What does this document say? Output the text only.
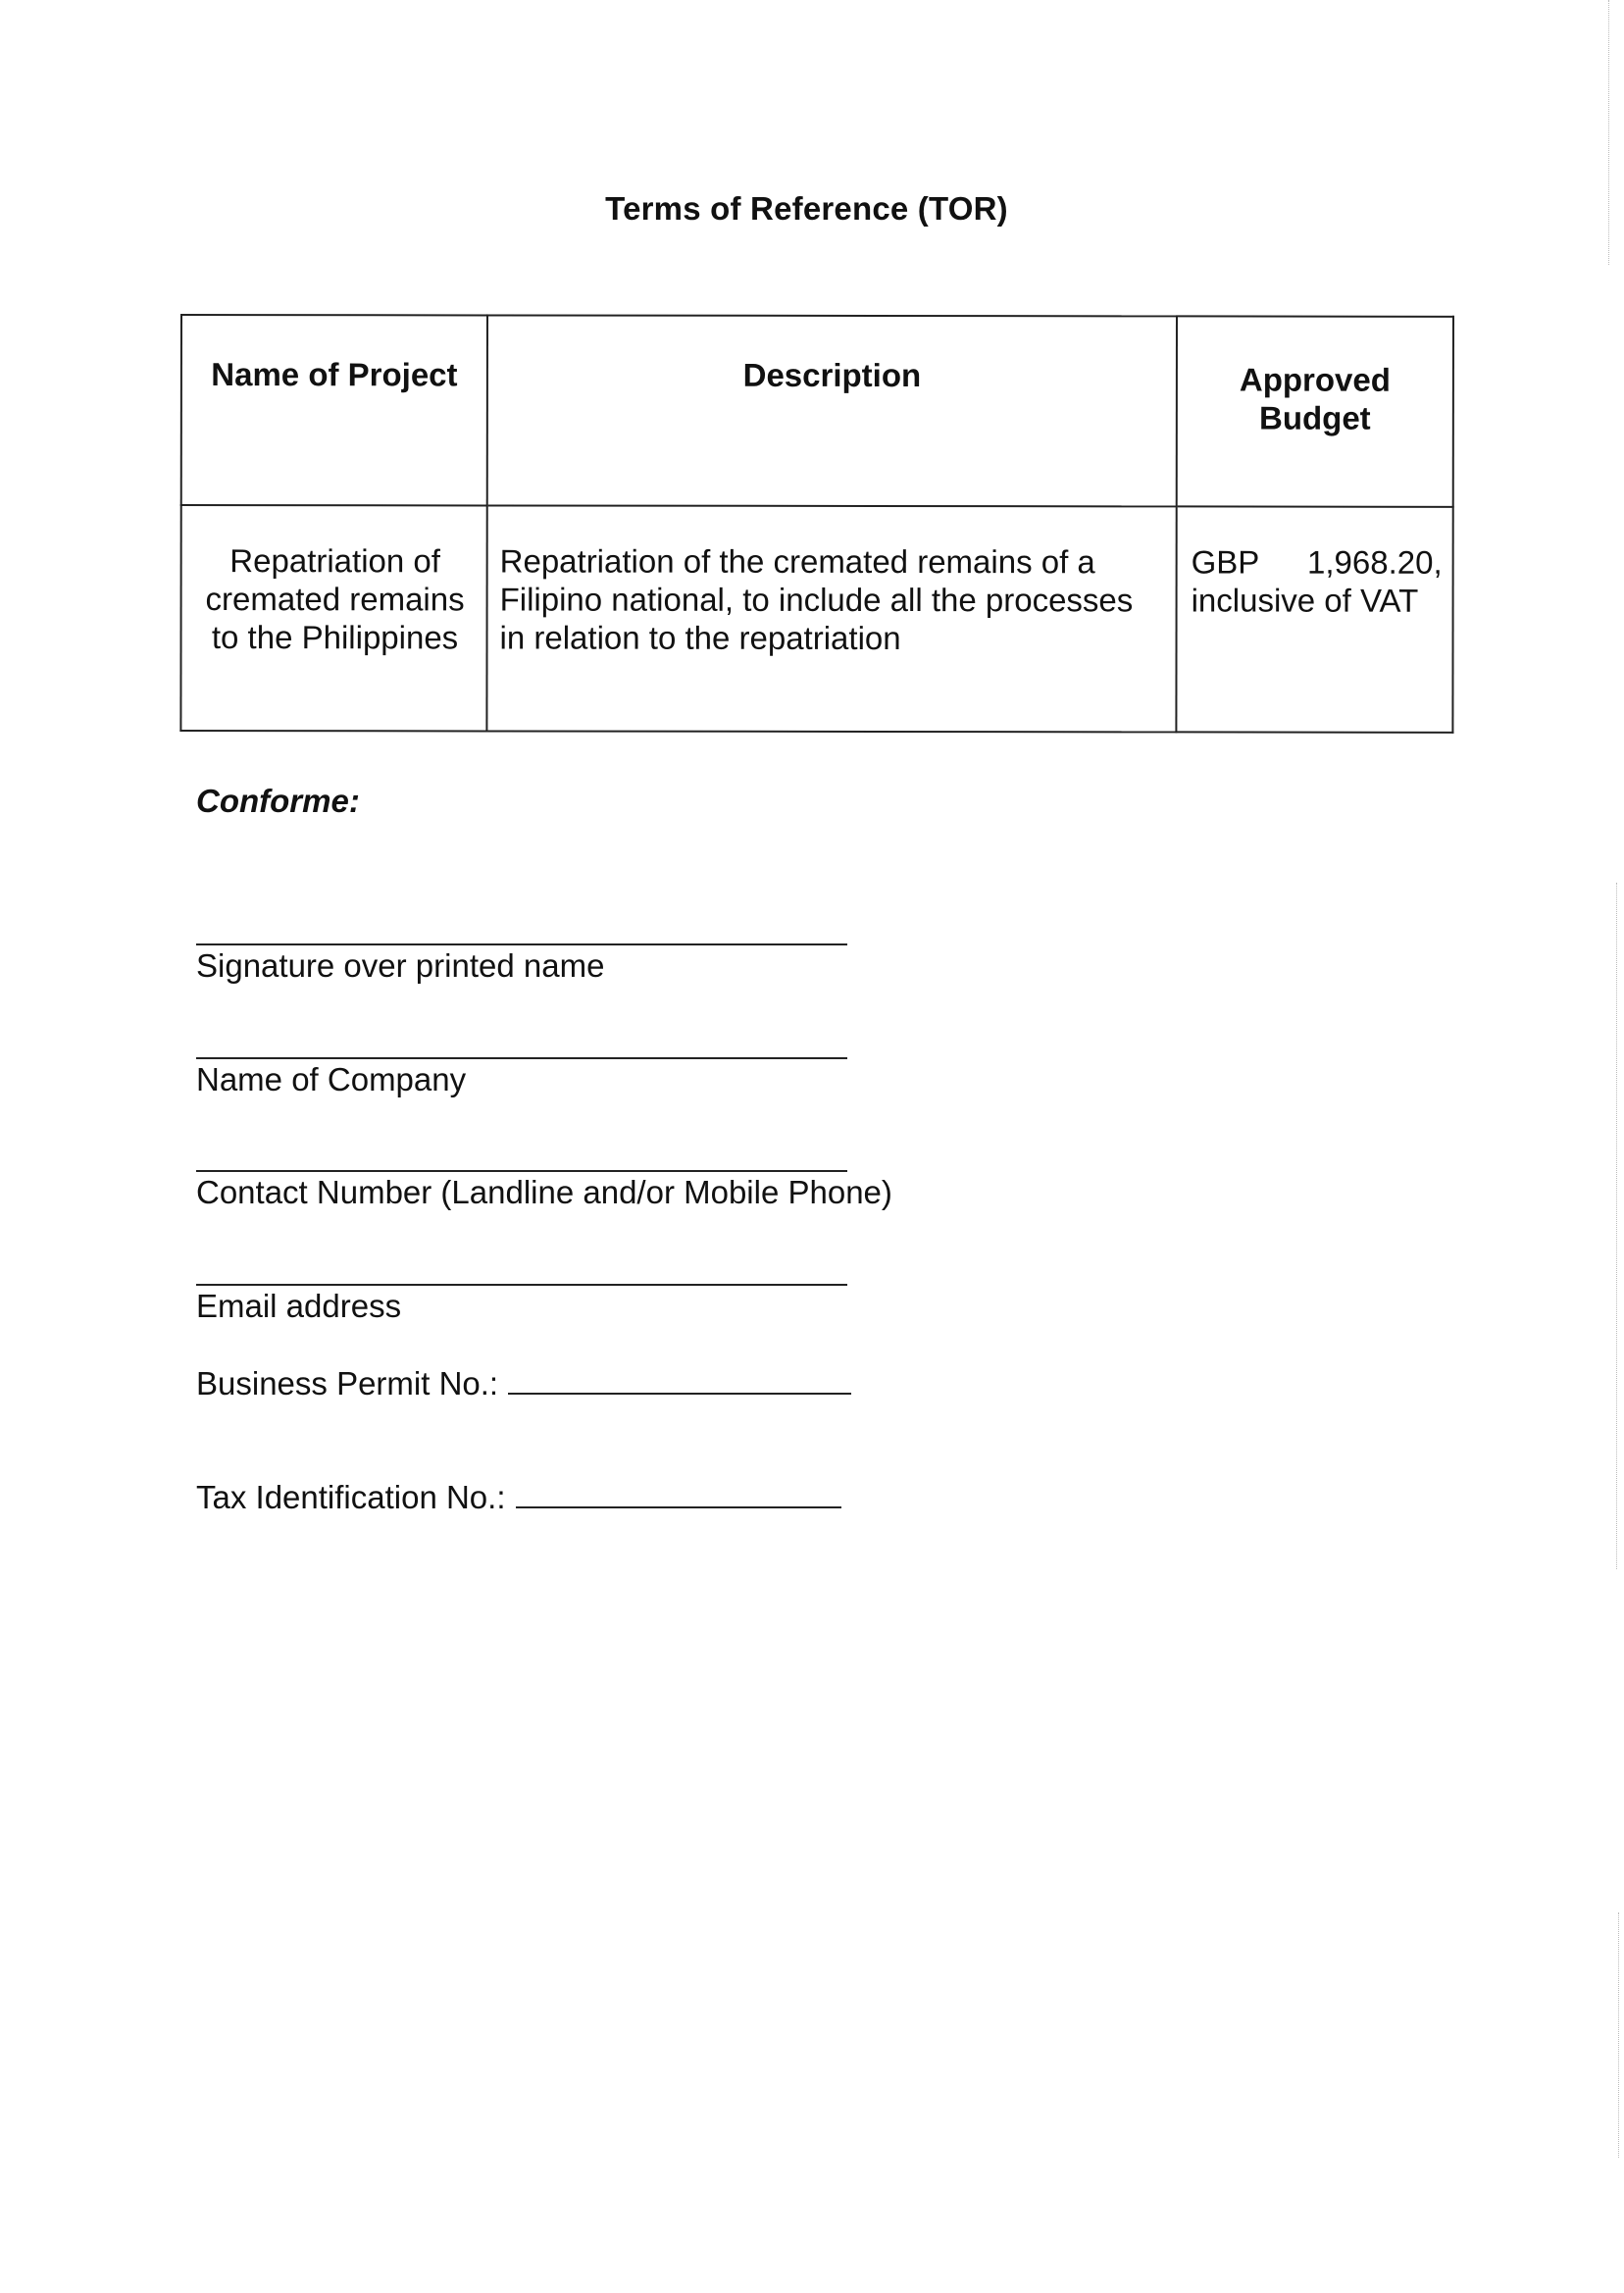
Terms of Reference (TOR)
Name of Project	Description	Approved
Budget

Repatriation of cremated remains to the Philippines	Repatriation of the cremated remains of a Filipino national, to include all the processes in relation to the repatriation	GBP 1,968.20,
inclusive of VAT
Conforme:
Signature over printed name
Name of Company
Contact Number (Landline and/or Mobile Phone)
Email address
Business Permit No.:
Tax Identification No.:
